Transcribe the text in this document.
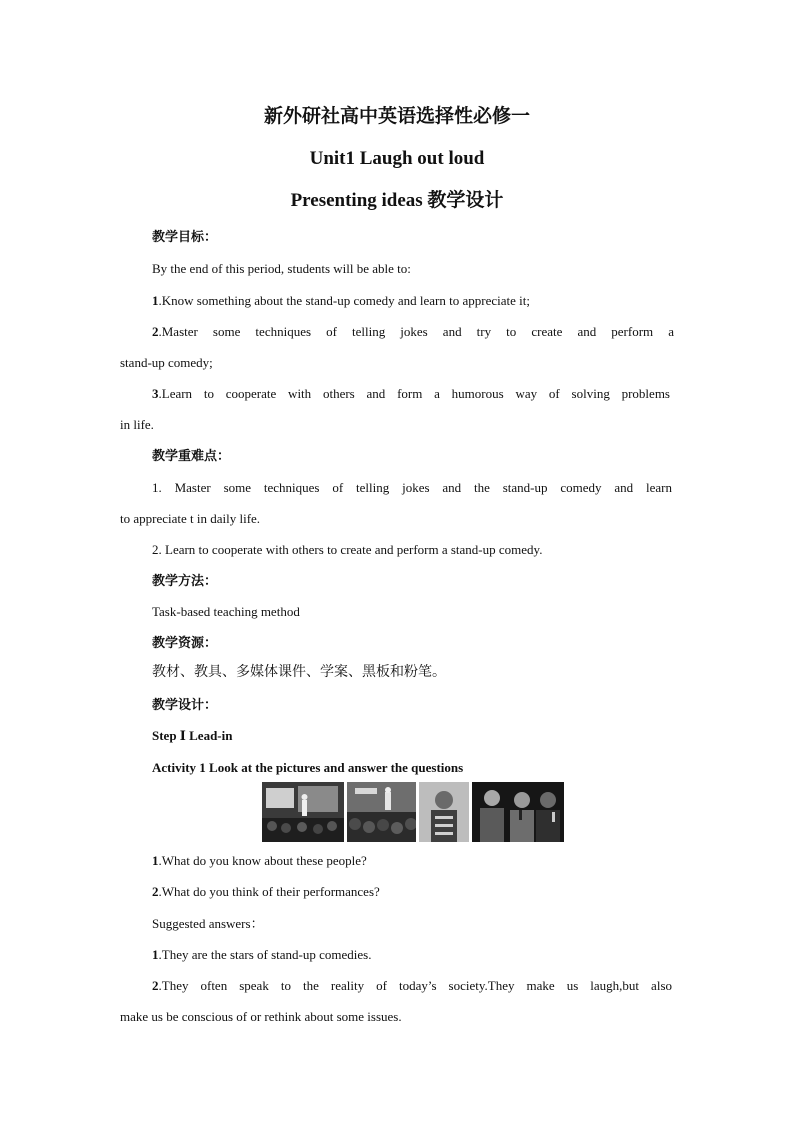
新外研社高中英语选择性必修一
Unit1 Laugh out loud
Presenting ideas 教学设计
教学目标：
By the end of this period, students will be able to:
1.Know something about the stand-up comedy and learn to appreciate it;
2.Master some techniques of telling jokes and try to create and perform a
stand-up comedy;
3.Learn to cooperate with others and form a humorous way of solving problems
in life.
教学重难点：
1. Master some techniques of telling jokes and the stand-up comedy and learn
to appreciate t in daily life.
2. Learn to cooperate with others to create and perform a stand-up comedy.
教学方法：
Task-based teaching method
教学资源：
教材、教具、多媒体课件、学案、黑板和粉笔。
教学设计：
Step Ⅰ Lead-in
Activity 1 Look at the pictures and answer the questions
1.What do you know about these people?
2.What do you think of their performances?
Suggested answers：
1.They are the stars of stand-up comedies.
2.They often speak to the reality of today’s society.They make us laugh,but also
make us be conscious of or rethink about some issues.
